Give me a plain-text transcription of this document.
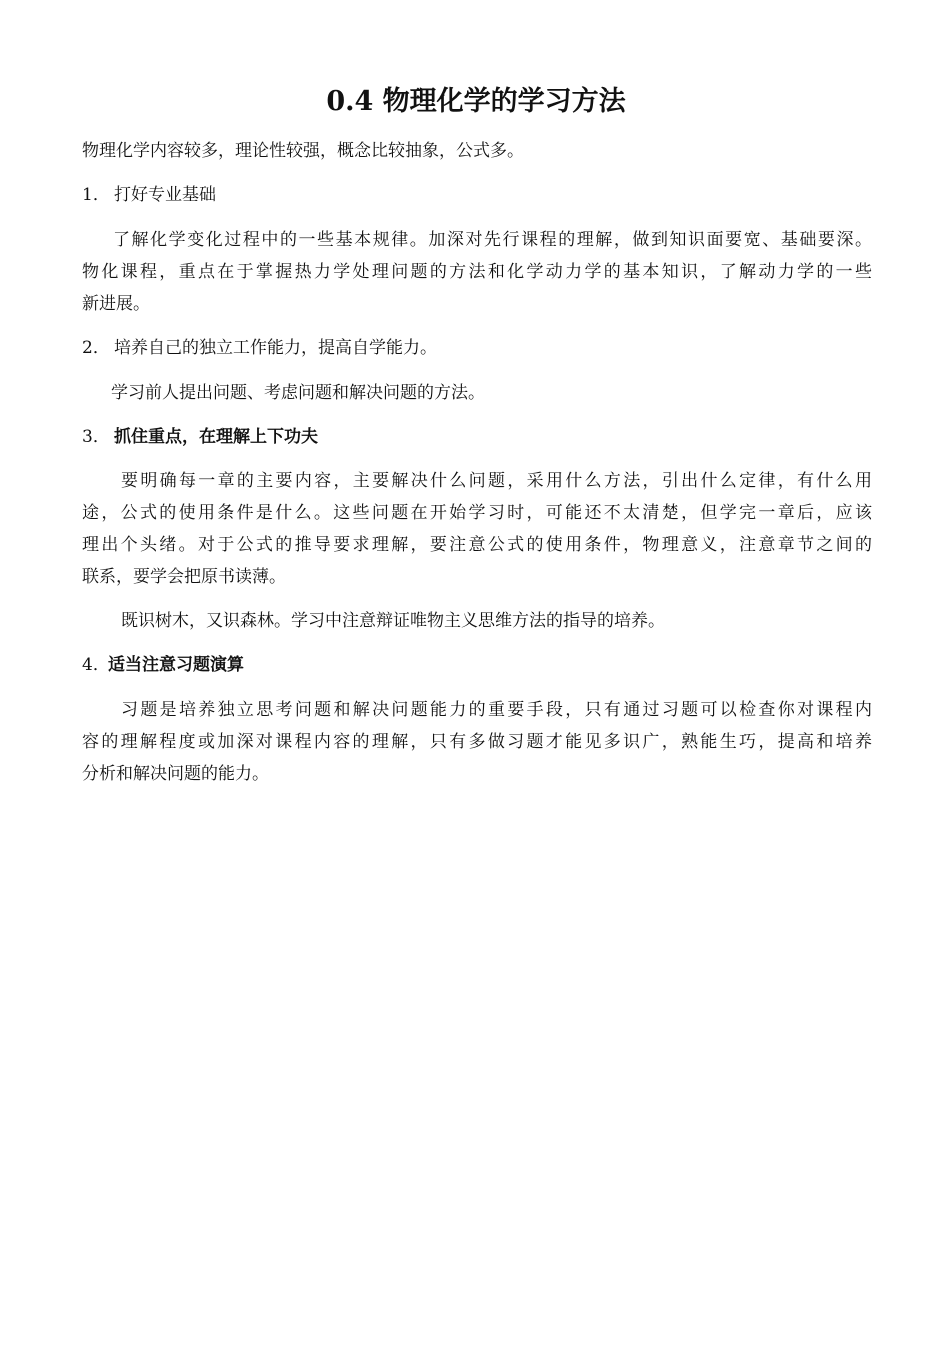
0.4 物理化学的学习方法
物理化学内容较多，理论性较强，概念比较抽象，公式多。
1． 打好专业基础
了解化学变化过程中的一些基本规律。加深对先行课程的理解，做到知识面要宽、基础要深。
物化课程，重点在于掌握热力学处理问题的方法和化学动力学的基本知识，了解动力学的一些
新进展。
2． 培养自己的独立工作能力，提高自学能力。
学习前人提出问题、考虑问题和解决问题的方法。
3． 抓住重点，在理解上下功夫
要明确每一章的主要内容，主要解决什么问题，采用什么方法，引出什么定律，有什么用
途，公式的使用条件是什么。这些问题在开始学习时，可能还不太清楚，但学完一章后，应该
理出个头绪。对于公式的推导要求理解，要注意公式的使用条件，物理意义，注意章节之间的
联系，要学会把原书读薄。
既识树木，又识森林。学习中注意辩证唯物主义思维方法的指导的培养。
4．适当注意习题演算
习题是培养独立思考问题和解决问题能力的重要手段，只有通过习题可以检查你对课程内
容的理解程度或加深对课程内容的理解，只有多做习题才能见多识广，熟能生巧，提高和培养
分析和解决问题的能力。
